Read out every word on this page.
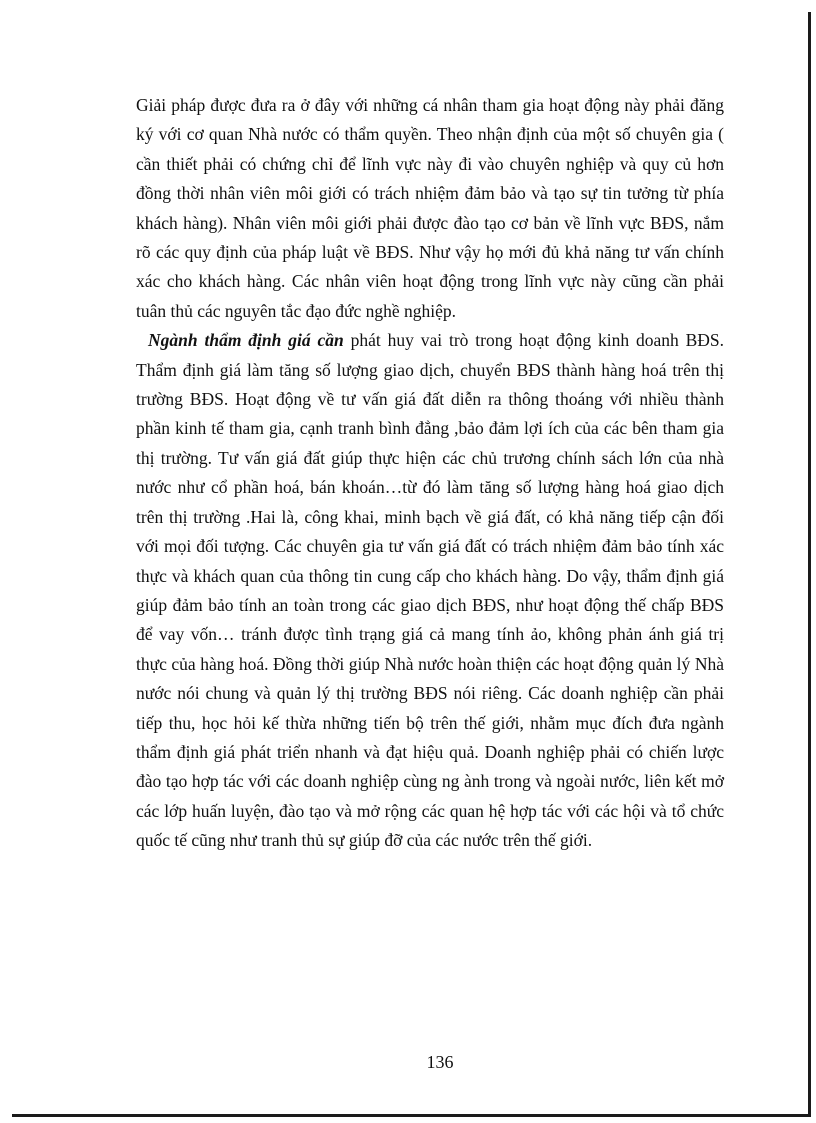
Giải pháp được đưa ra ở đây với những cá nhân tham gia hoạt động này phải đăng ký với cơ quan Nhà nước có thẩm quyền. Theo nhận định của một số chuyên gia ( cần thiết phải có chứng chỉ để lĩnh vực này đi vào chuyên nghiệp và quy củ hơn đồng thời nhân viên môi giới có trách nhiệm đảm bảo và tạo sự tin tưởng từ phía khách hàng). Nhân viên môi giới phải được đào tạo cơ bản về lĩnh vực BĐS, nắm rõ các quy định của pháp luật về BĐS. Như vậy họ mới đủ khả năng tư vấn chính xác cho khách hàng. Các nhân viên hoạt động trong lĩnh vực này cũng cần phải tuân thủ các nguyên tắc đạo đức nghề nghiệp.

Ngành thẩm định giá cần phát huy vai trò trong hoạt động kinh doanh BĐS. Thẩm định giá làm tăng số lượng giao dịch, chuyển BĐS thành hàng hoá trên thị trường BĐS. Hoạt động về tư vấn giá đất diễn ra thông thoáng với nhiều thành phần kinh tế tham gia, cạnh tranh bình đẳng ,bảo đảm lợi ích của các bên tham gia thị trường. Tư vấn giá đất giúp thực hiện các chủ trương chính sách lớn của nhà nước như cổ phần hoá, bán khoán…từ đó làm tăng số lượng hàng hoá giao dịch trên thị trường .Hai là, công khai, minh bạch về giá đất, có khả năng tiếp cận đối với mọi đối tượng. Các chuyên gia tư vấn giá đất có trách nhiệm đảm bảo tính xác thực và khách quan của thông tin cung cấp cho khách hàng. Do vậy, thẩm định giá giúp đảm bảo tính an toàn trong các giao dịch BĐS, như hoạt động thế chấp BĐS để vay vốn… tránh được tình trạng giá cả mang tính ảo, không phản ánh giá trị thực của hàng hoá. Đồng thời giúp Nhà nước hoàn thiện các hoạt động quản lý Nhà nước nói chung và quản lý thị trường BĐS nói riêng. Các doanh nghiệp cần phải tiếp thu, học hỏi kế thừa những tiến bộ trên thế giới, nhằm mục đích đưa ngành thẩm định giá phát triển nhanh và đạt hiệu quả. Doanh nghiệp phải có chiến lược đào tạo hợp tác với các doanh nghiệp cùng ng ành trong và ngoài nước, liên kết mở các lớp huấn luyện, đào tạo và mở rộng các quan hệ hợp tác với các hội và tổ chức quốc tế cũng như tranh thủ sự giúp đỡ của các nước trên thế giới.

136
